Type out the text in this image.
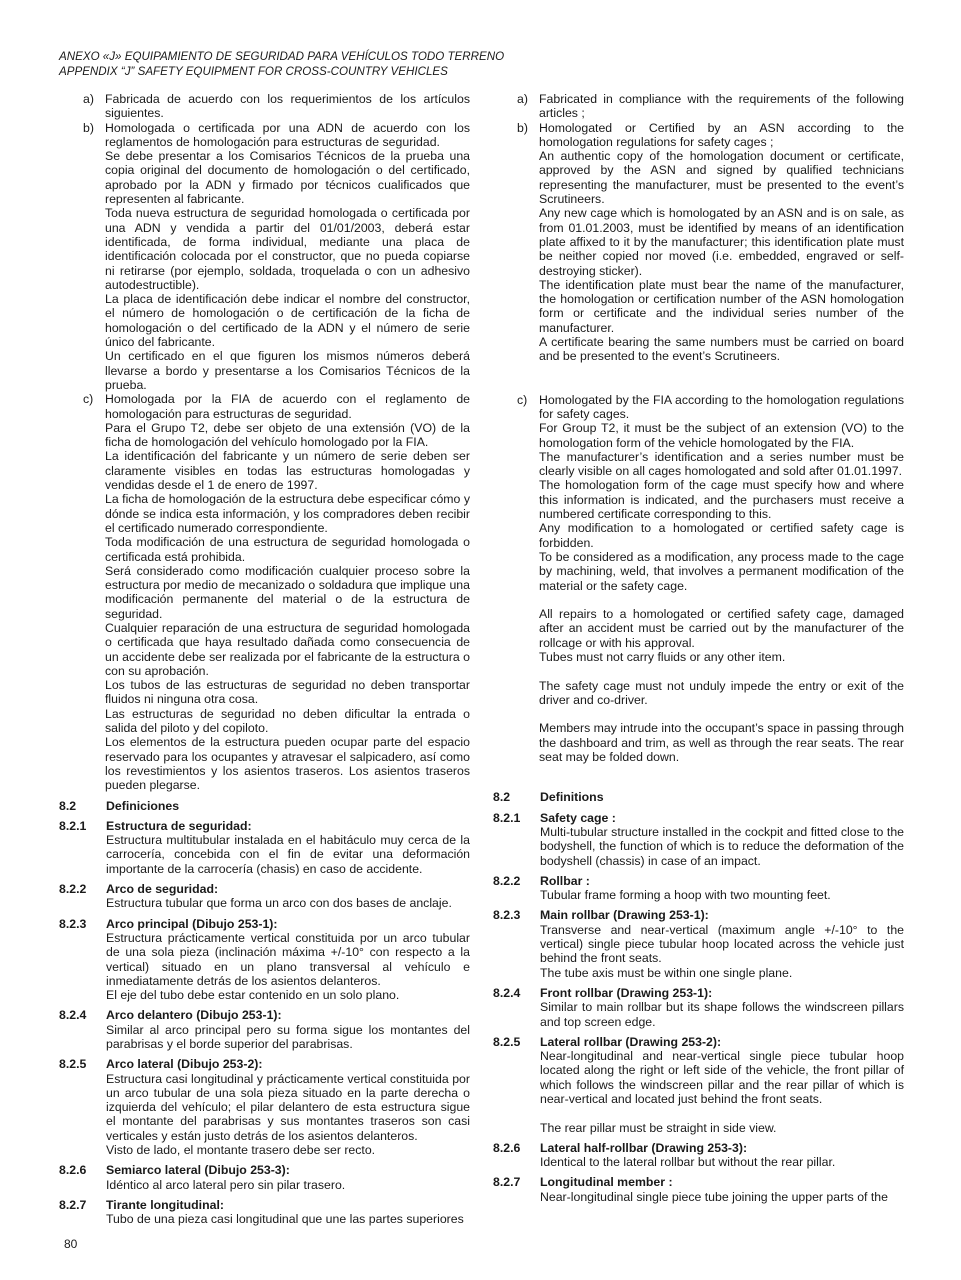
ANEXO «J» EQUIPAMIENTO DE SEGURIDAD PARA VEHÍCULOS TODO TERRENO
APPENDIX “J” SAFETY EQUIPMENT FOR CROSS-COUNTRY VEHICLES
a) Fabricada de acuerdo con los requerimientos de los artículos siguientes.

b) Homologada o certificada por una ADN de acuerdo con los reglamentos de homologación para estructuras de seguridad.

Se debe presentar a los Comisarios Técnicos de la prueba una copia original del documento de homologación o del certificado, aprobado por la ADN y firmado por técnicos cualificados que representen al fabricante.

Toda nueva estructura de seguridad homologada o certificada por una ADN y vendida a partir del 01/01/2003, deberá estar identificada, de forma individual, mediante una placa de identificación colocada por el constructor, que no pueda copiarse ni retirarse (por ejemplo, soldada, troquelada o con un adhesivo autodestructible).

La placa de identificación debe indicar el nombre del constructor, el número de homologación o de certificación de la ficha de homologación o del certificado de la ADN y el número de serie único del fabricante.

Un certificado en el que figuren los mismos números deberá llevarse a bordo y presentarse a los Comisarios Técnicos de la prueba.

c) Homologada por la FIA de acuerdo con el reglamento de homologación para estructuras de seguridad.

Para el Grupo T2, debe ser objeto de una extensión (VO) de la ficha de homologación del vehículo homologado por la FIA.

La identificación del fabricante y un número de serie deben ser claramente visibles en todas las estructuras homologadas y vendidas desde el 1 de enero de 1997.

La ficha de homologación de la estructura debe especificar cómo y dónde se indica esta información, y los compradores deben recibir el certificado numerado correspondiente.

Toda modificación de una estructura de seguridad homologada o certificada está prohibida.

Será considerado como modificación cualquier proceso sobre la estructura por medio de mecanizado o soldadura que implique una modificación permanente del material o de la estructura de seguridad.

Cualquier reparación de una estructura de seguridad homologada o certificada que haya resultado dañada como consecuencia de un accidente debe ser realizada por el fabricante de la estructura o con su aprobación.

Los tubos de las estructuras de seguridad no deben transportar fluidos ni ninguna otra cosa.

Las estructuras de seguridad no deben dificultar la entrada o salida del piloto y del copiloto.

Los elementos de la estructura pueden ocupar parte del espacio reservado para los ocupantes y atravesar el salpicadero, así como los revestimientos y los asientos traseros. Los asientos traseros pueden plegarse.

8.2	Definiciones
8.2.1	Estructura de seguridad:

Estructura multitubular instalada en el habitáculo muy cerca de la carrocería, concebida con el fin de evitar una deformación importante de la carrocería (chasis) en caso de accidente.

8.2.2	Arco de seguridad:

Estructura tubular que forma un arco con dos bases de anclaje.

8.2.3	Arco principal (Dibujo 253-1):

Estructura prácticamente vertical constituida por un arco tubular de una sola pieza (inclinación máxima +/-10° con respecto a la vertical) situado en un plano transversal al vehículo e inmediatamente detrás de los asientos delanteros.

El eje del tubo debe estar contenido en un solo plano.

8.2.4	Arco delantero (Dibujo 253-1):

Similar al arco principal pero su forma sigue los montantes del parabrisas y el borde superior del parabrisas.

8.2.5	Arco lateral (Dibujo 253-2):

Estructura casi longitudinal y prácticamente vertical constituida por un arco tubular de una sola pieza situado en la parte derecha o izquierda del vehículo; el pilar delantero de esta estructura sigue el montante del parabrisas y sus montantes traseros son casi verticales y están justo detrás de los asientos delanteros.

Visto de lado, el montante trasero debe ser recto.

8.2.6	Semiarco lateral (Dibujo 253-3):

Idéntico al arco lateral pero sin pilar trasero.

8.2.7	Tirante longitudinal:

Tubo de una pieza casi longitudinal que une las partes superiores

a) Fabricated in compliance with the requirements of the following articles ;

b) Homologated or Certified by an ASN according to the homologation regulations for safety cages ;

An authentic copy of the homologation document or certificate, approved by the ASN and signed by qualified technicians representing the manufacturer, must be presented to the event’s Scrutineers.

Any new cage which is homologated by an ASN and is on sale, as from 01.01.2003, must be identified by means of an identification plate affixed to it by the manufacturer; this identification plate must be neither copied nor moved (i.e. embedded, engraved or self-destroying sticker).

The identification plate must bear the name of the manufacturer, the homologation or certification number of the ASN homologation form or certificate and the individual series number of the manufacturer.

A certificate bearing the same numbers must be carried on board and be presented to the event’s Scrutineers.

c) Homologated by the FIA according to the homologation regulations for safety cages.

For Group T2, it must be the subject of an extension (VO) to the homologation form of the vehicle homologated by the FIA.

The manufacturer’s identification and a series number must be clearly visible on all cages homologated and sold after 01.01.1997.

The homologation form of the cage must specify how and where this information is indicated, and the purchasers must receive a numbered certificate corresponding to this.

Any modification to a homologated or certified safety cage is forbidden.

To be considered as a modification, any process made to the cage by machining, weld, that involves a permanent modification of the material or the safety cage.

All repairs to a homologated or certified safety cage, damaged after an accident must be carried out by the manufacturer of the rollcage or with his approval.

Tubes must not carry fluids or any other item.

The safety cage must not unduly impede the entry or exit of the driver and co-driver.

Members may intrude into the occupant’s space in passing through the dashboard and trim, as well as through the rear seats. The rear seat may be folded down.

8.2	Definitions
8.2.1	Safety cage :

Multi-tubular structure installed in the cockpit and fitted close to the bodyshell, the function of which is to reduce the deformation of the bodyshell (chassis) in case of an impact.

8.2.2	Rollbar :

Tubular frame forming a hoop with two mounting feet.

8.2.3	Main rollbar (Drawing 253-1):

Transverse and near-vertical (maximum angle +/-10° to the vertical) single piece tubular hoop located across the vehicle just behind the front seats.

The tube axis must be within one single plane.

8.2.4	Front rollbar (Drawing 253-1):

Similar to main rollbar but its shape follows the windscreen pillars and top screen edge.

8.2.5	Lateral rollbar (Drawing 253-2):

Near-longitudinal and near-vertical single piece tubular hoop located along the right or left side of the vehicle, the front pillar of which follows the windscreen pillar and the rear pillar of which is near-vertical and located just behind the front seats.

The rear pillar must be straight in side view.

8.2.6	Lateral half-rollbar (Drawing 253-3):

Identical to the lateral rollbar but without the rear pillar.

8.2.7	Longitudinal member :

Near-longitudinal single piece tube joining the upper parts of the

80
